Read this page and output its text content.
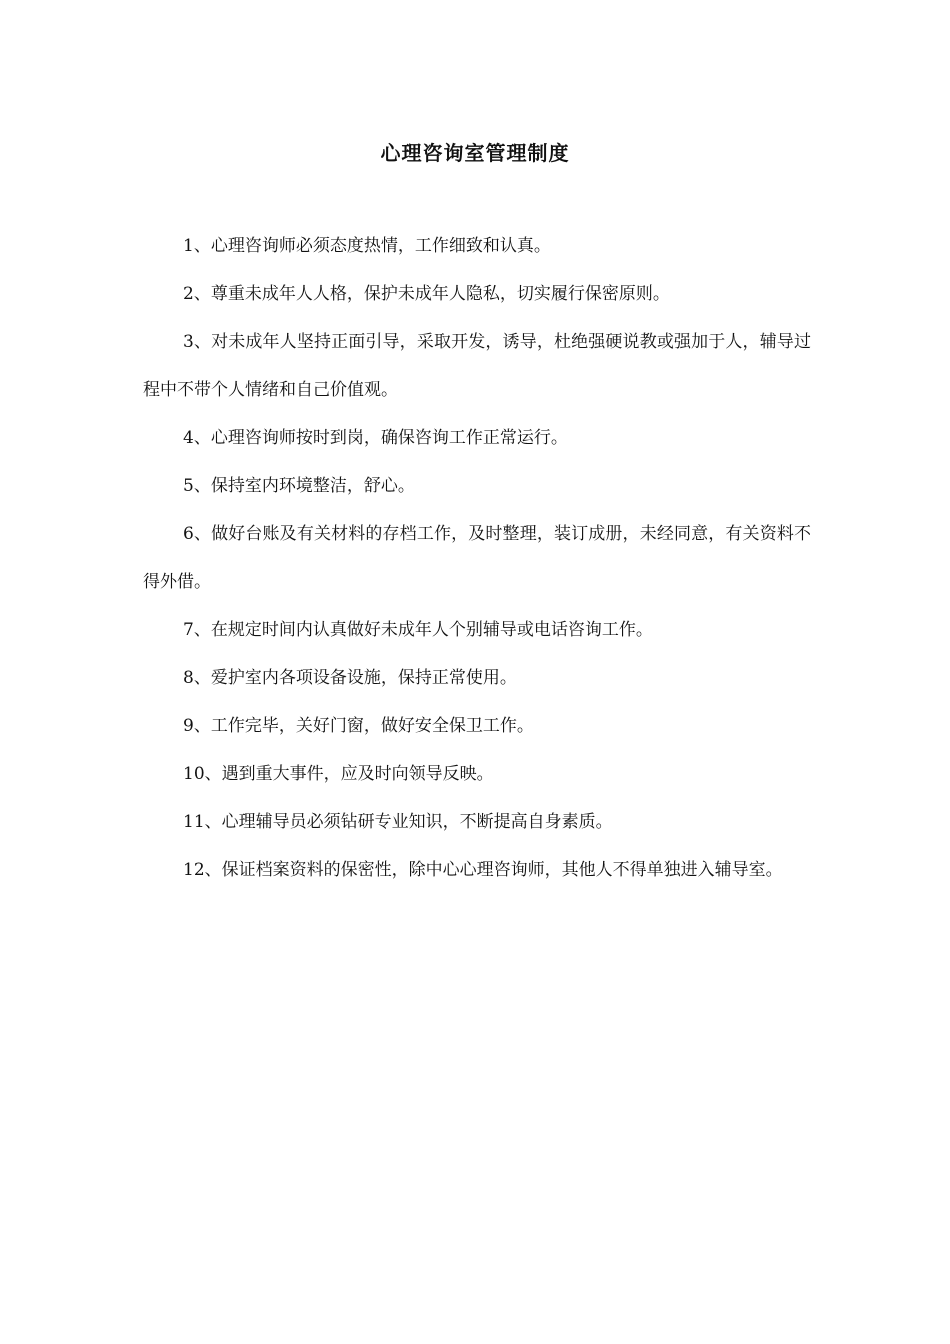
心理咨询室管理制度

1、心理咨询师必须态度热情，工作细致和认真。

2、尊重未成年人人格，保护未成年人隐私，切实履行保密原则。

3、对未成年人坚持正面引导，采取开发，诱导，杜绝强硬说教或强加于人，辅导过程中不带个人情绪和自己价值观。

4、心理咨询师按时到岗，确保咨询工作正常运行。

5、保持室内环境整洁，舒心。

6、做好台账及有关材料的存档工作，及时整理，装订成册，未经同意，有关资料不得外借。

7、在规定时间内认真做好未成年人个别辅导或电话咨询工作。

8、爱护室内各项设备设施，保持正常使用。

9、工作完毕，关好门窗，做好安全保卫工作。

10、遇到重大事件，应及时向领导反映。

11、心理辅导员必须钻研专业知识，不断提高自身素质。

12、保证档案资料的保密性，除中心心理咨询师，其他人不得单独进入辅导室。
